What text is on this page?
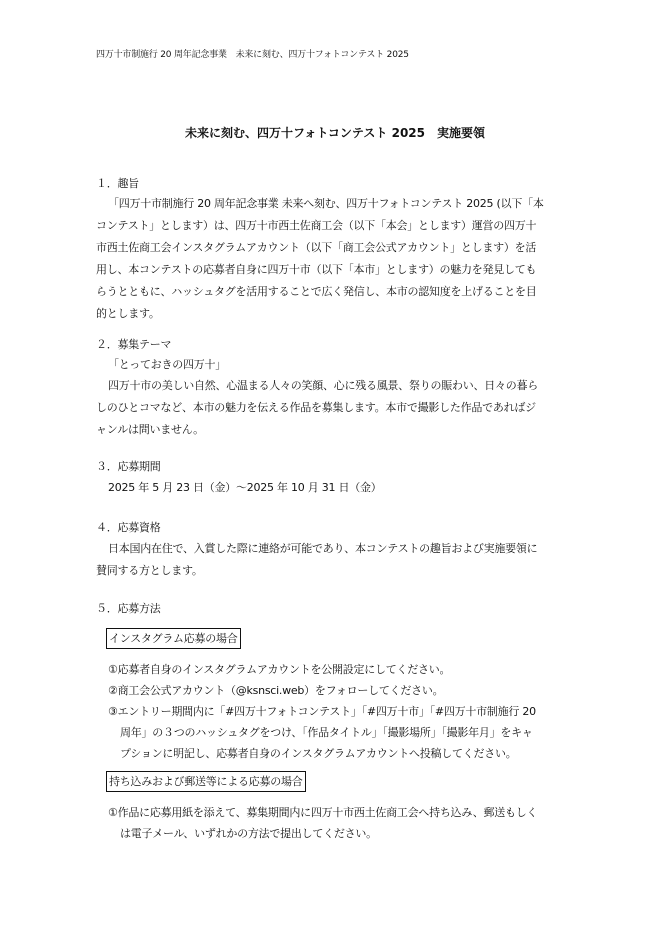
四万十市制施行 20 周年記念事業　未来に刻む、四万十フォトコンテスト 2025
未来に刻む、四万十フォトコンテスト 2025　実施要領
１．趣旨
「四万十市制施行 20 周年記念事業 未来へ刻む、四万十フォトコンテスト 2025 (以下「本
コンテスト」とします）は、四万十市西土佐商工会（以下「本会」とします）運営の四万十
市西土佐商工会インスタグラムアカウント（以下「商工会公式アカウント」とします）を活
用し、本コンテストの応募者自身に四万十市（以下「本市」とします）の魅力を発見しても
らうとともに、ハッシュタグを活用することで広く発信し、本市の認知度を上げることを目
的とします。
２．募集テーマ
「とっておきの四万十」
四万十市の美しい自然、心温まる人々の笑顔、心に残る風景、祭りの賑わい、日々の暮ら
しのひとコマなど、本市の魅力を伝える作品を募集します。本市で撮影した作品であればジ
ャンルは問いません。
３．応募期間
2025 年 5 月 23 日（金）～2025 年 10 月 31 日（金）
４．応募資格
日本国内在住で、入賞した際に連絡が可能であり、本コンテストの趣旨および実施要領に
賛同する方とします。
５．応募方法
インスタグラム応募の場合
①応募者自身のインスタグラムアカウントを公開設定にしてください。
②商工会公式アカウント（@ksnsci.web）をフォローしてください。
③エントリー期間内に「#四万十フォトコンテスト」「#四万十市」「#四万十市制施行 20
周年」の３つのハッシュタグをつけ、「作品タイトル」「撮影場所」「撮影年月」をキャ
プションに明記し、応募者自身のインスタグラムアカウントへ投稿してください。
持ち込みおよび郵送等による応募の場合
①作品に応募用紙を添えて、募集期間内に四万十市西土佐商工会へ持ち込み、郵送もしく
は電子メール、いずれかの方法で提出してください。
